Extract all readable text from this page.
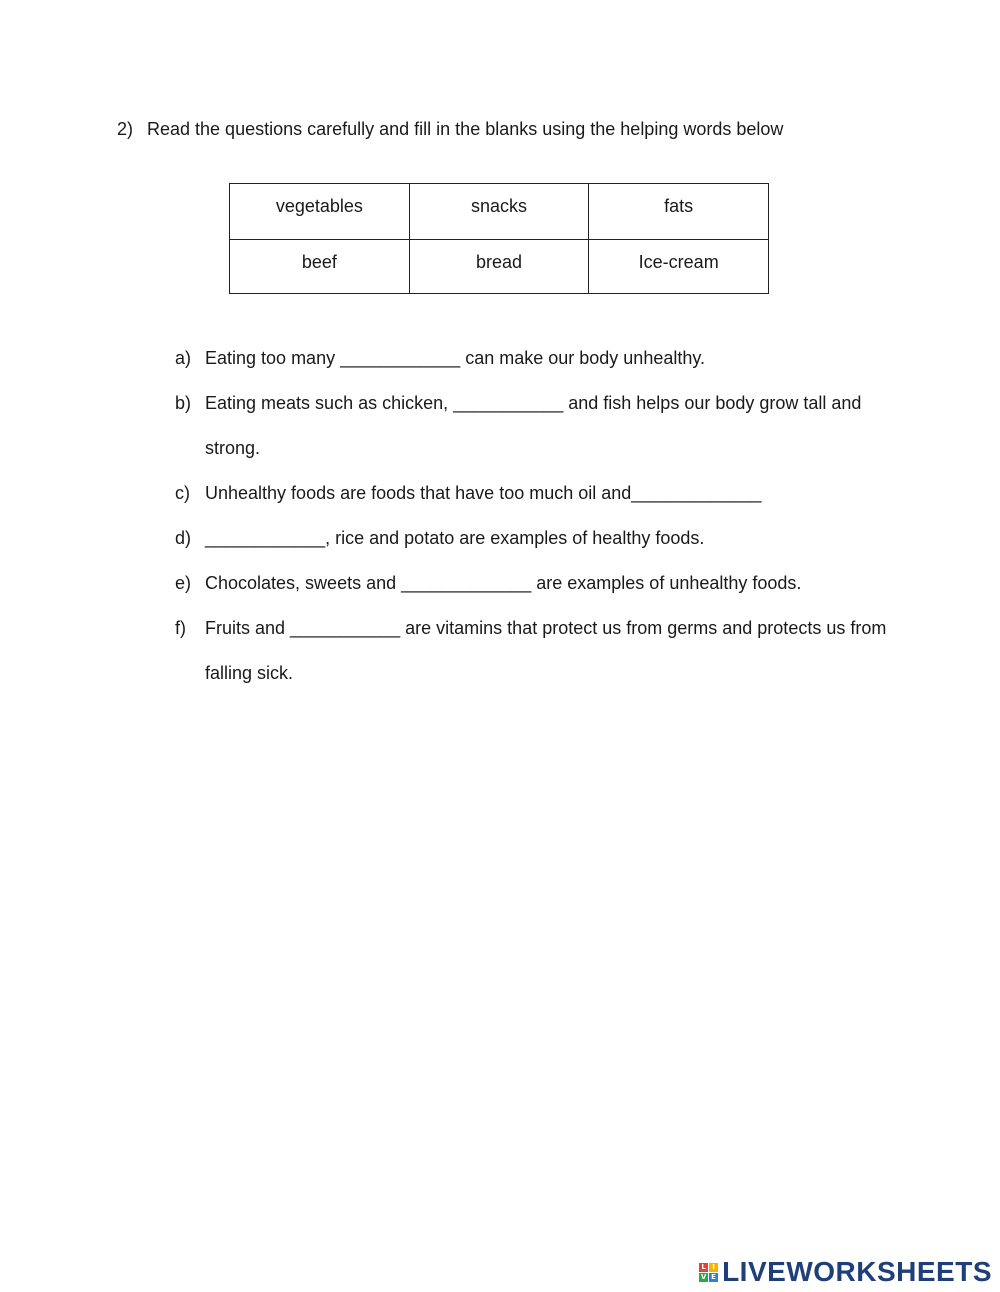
2) Read the questions carefully and fill in the blanks using the helping words below
vegetables	snacks	fats
beef	bread	Ice-cream
a) Eating too many ____________ can make our body unhealthy.
b) Eating meats such as chicken, ___________ and fish helps our body grow tall and strong.
c) Unhealthy foods are foods that have too much oil and_____________
d) ____________, rice and potato are examples of healthy foods.
e) Chocolates, sweets and _____________ are examples of unhealthy foods.
f) Fruits and ___________ are vitamins that protect us from germs and protects us from falling sick.
L I
V E LIVEWORKSHEETS
